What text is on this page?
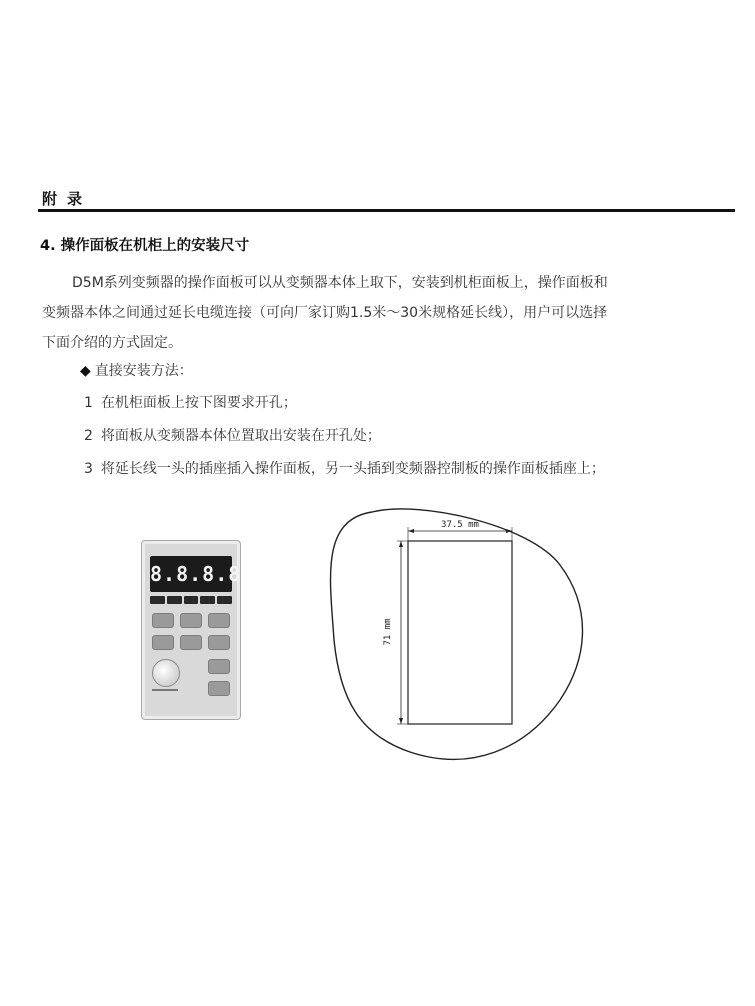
附录
4. 操作面板在机柜上的安装尺寸
D5M系列变频器的操作面板可以从变频器本体上取下，安装到机柜面板上，操作面板和
变频器本体之间通过延长电缆连接（可向厂家订购1.5米～30米规格延长线），用户可以选择
下面介绍的方式固定。
◆ 直接安装方法：
1 在机柜面板上按下图要求开孔；
2 将面板从变频器本体位置取出安装在开孔处；
3 将延长线一头的插座插入操作面板，另一头插到变频器控制板的操作面板插座上；
8.8.8.8
37.5 mm
71 mm
